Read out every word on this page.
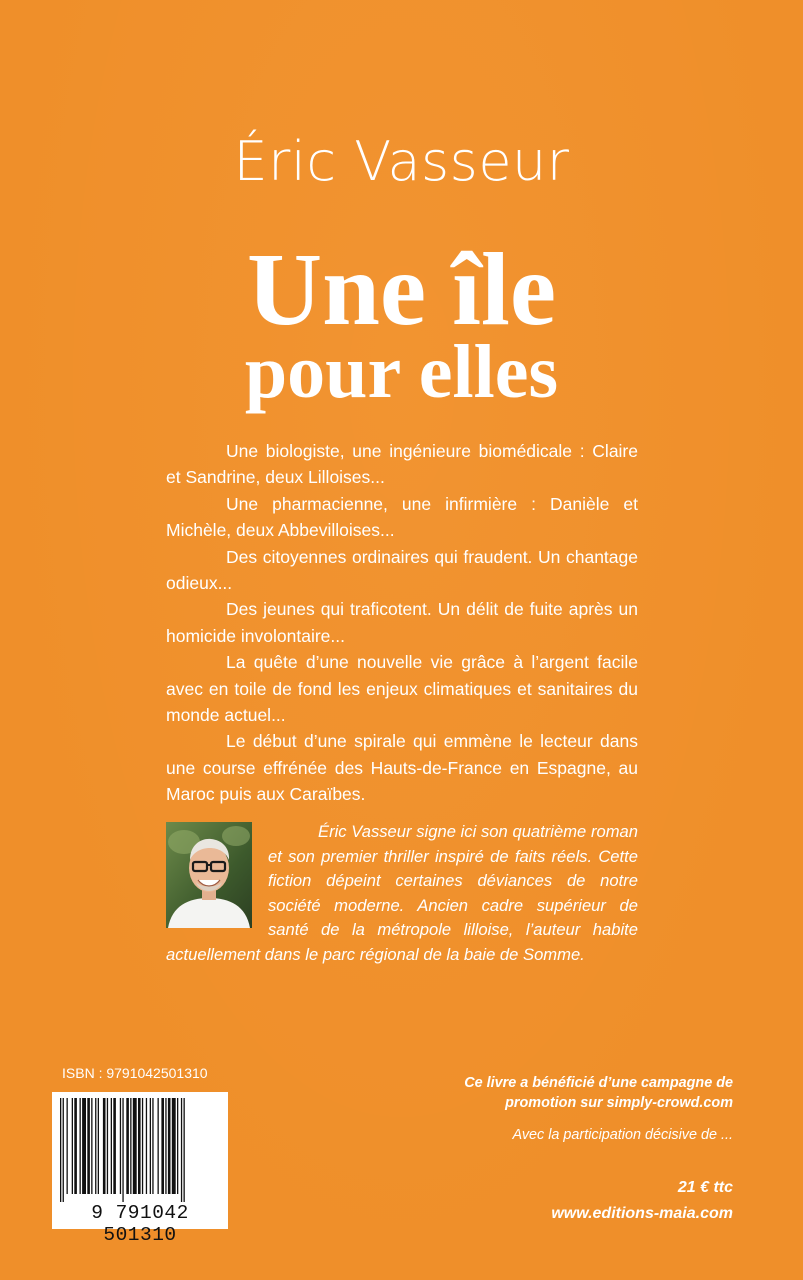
Éric Vasseur
Une île
pour elles

Une biologiste, une ingénieure biomédicale : Claire et Sandrine, deux Lilloises...

Une pharmacienne, une infirmière : Danièle et Michèle, deux Abbevilloises...

Des citoyennes ordinaires qui fraudent. Un chantage odieux...

Des jeunes qui traficotent. Un délit de fuite après un homicide involontaire...

La quête d’une nouvelle vie grâce à l’argent facile avec en toile de fond les enjeux climatiques et sanitaires du monde actuel...

Le début d’une spirale qui emmène le lecteur dans une course effrénée des Hauts-de-France en Espagne, au Maroc puis aux Caraïbes.

Éric Vasseur signe ici son quatrième roman et son premier thriller inspiré de faits réels. Cette fiction dépeint certaines déviances de notre société moderne. Ancien cadre supérieur de santé de la métropole lilloise, l’auteur habite actuellement dans le parc régional de la baie de Somme.
ISBN : 9791042501310
9 791042 501310
Ce livre a bénéficié d’une campagne de promotion sur simply-crowd.com
Avec la participation décisive de ...
21 € ttc
www.editions-maia.com
